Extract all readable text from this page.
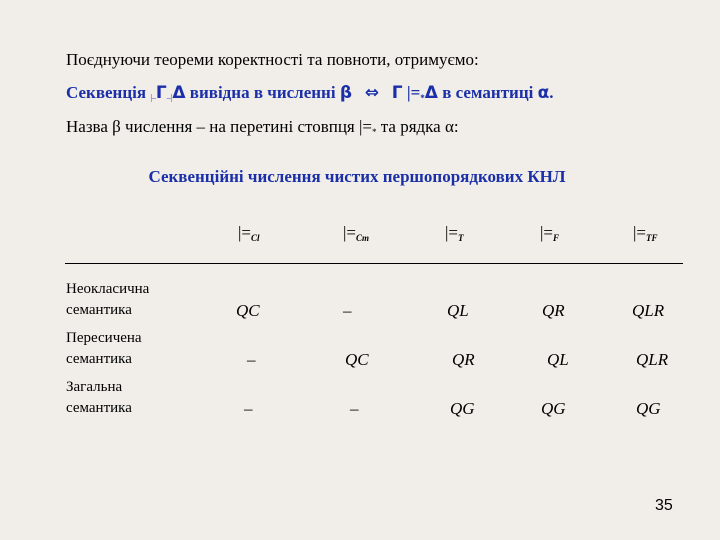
Поєднуючи теореми коректності та повноти, отримуємо:
Секвенція |–Γ–|Δ вивідна в численні β ⇔ Γ $|=_*\Delta$ в семантиці α.
Назва β числення – на перетині стовпця $|=_*$ та рядка α:
Секвенційні числення чистих першопорядкових КНЛ
$|=_{Cl}$	$|=_{Cm}$	$|=_T$	$|=_F$	$|=_{TF}$
Неокласична
семантика	QC	–	QL	QR	QLR
Пересичена
семантика	–	QC	QR	QL	QLR
Загальна
семантика	–	–	QG	QG	QG
35
